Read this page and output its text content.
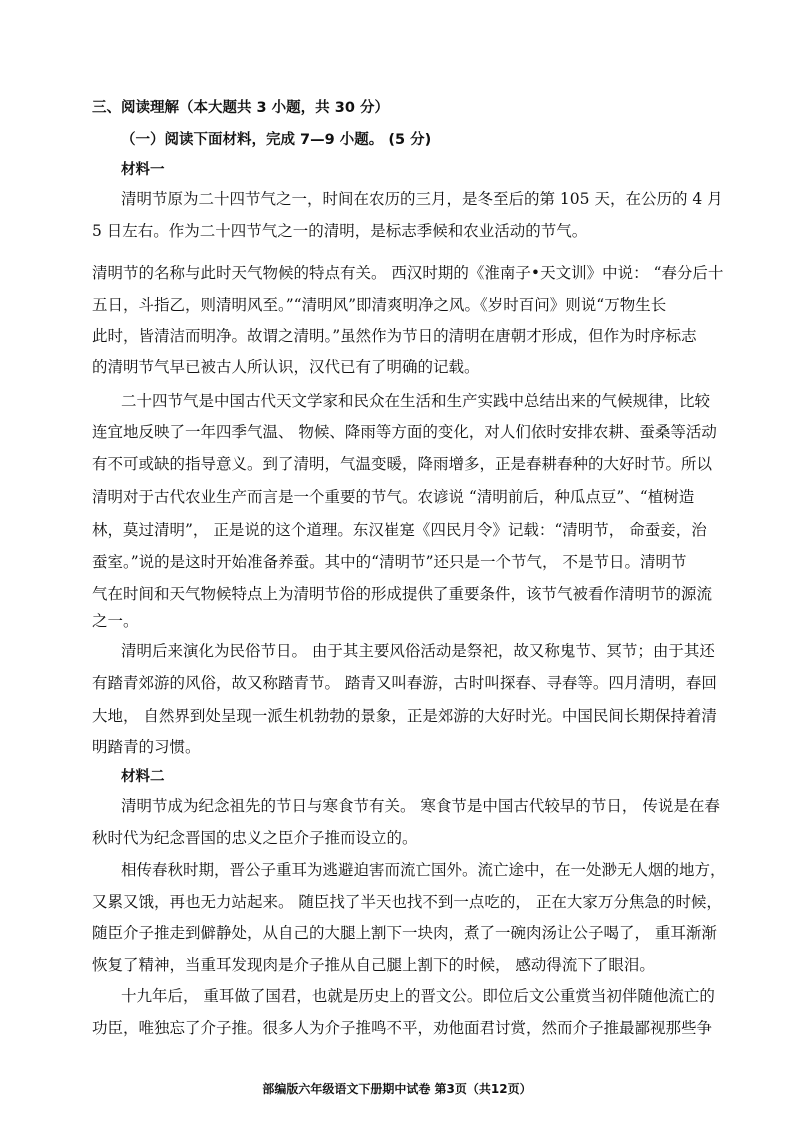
三、阅读理解（本大题共 3 小题，共 30 分）
（一）阅读下面材料，完成 7—9 小题。 (5 分)
材料一
清明节原为二十四节气之一，时间在农历的三月，是冬至后的第 105 天，在公历的 4 月
5 日左右。作为二十四节气之一的清明，是标志季候和农业活动的节气。
清明节的名称与此时天气物候的特点有关。 西汉时期的《淮南子•天文训》中说： “春分后十
五日，斗指乙，则清明风至。”“清明风”即清爽明净之风。《岁时百问》则说“万物生长
此时，皆清洁而明净。故谓之清明。”虽然作为节日的清明在唐朝才形成，但作为时序标志
的清明节气早已被古人所认识，汉代已有了明确的记载。
二十四节气是中国古代天文学家和民众在生活和生产实践中总结出来的气候规律，比较
连宜地反映了一年四季气温、 物候、降雨等方面的变化，对人们依时安排农耕、蚕桑等活动
有不可或缺的指导意义。到了清明，气温变暖，降雨增多，正是春耕春种的大好时节。所以
清明对于古代农业生产而言是一个重要的节气。农谚说 “清明前后，种瓜点豆”、“植树造
林，莫过清明”， 正是说的这个道理。东汉崔寔《四民月令》记载：“清明节， 命蚕妾，治
蚕室。”说的是这时开始准备养蚕。其中的“清明节”还只是一个节气， 不是节日。清明节
气在时间和天气物候特点上为清明节俗的形成提供了重要条件，该节气被看作清明节的源流
之一。
清明后来演化为民俗节日。 由于其主要风俗活动是祭祀，故又称鬼节、冥节；由于其还
有踏青郊游的风俗，故又称踏青节。 踏青又叫春游，古时叫探春、寻春等。四月清明，春回
大地， 自然界到处呈现一派生机勃勃的景象，正是郊游的大好时光。中国民间长期保持着清
明踏青的习惯。
材料二
清明节成为纪念祖先的节日与寒食节有关。 寒食节是中国古代较早的节日， 传说是在春
秋时代为纪念晋国的忠义之臣介子推而设立的。
相传春秋时期，晋公子重耳为逃避迫害而流亡国外。流亡途中，在一处渺无人烟的地方，
又累又饿，再也无力站起来。 随臣找了半天也找不到一点吃的， 正在大家万分焦急的时候，
随臣介子推走到僻静处，从自己的大腿上割下一块肉，煮了一碗肉汤让公子喝了， 重耳渐渐
恢复了精神，当重耳发现肉是介子推从自己腿上割下的时候， 感动得流下了眼泪。
十九年后， 重耳做了国君，也就是历史上的晋文公。即位后文公重赏当初伴随他流亡的
功臣，唯独忘了介子推。很多人为介子推鸣不平，劝他面君讨赏，然而介子推最鄙视那些争
部编版六年级语文下册期中试卷 第3页（共12页）
